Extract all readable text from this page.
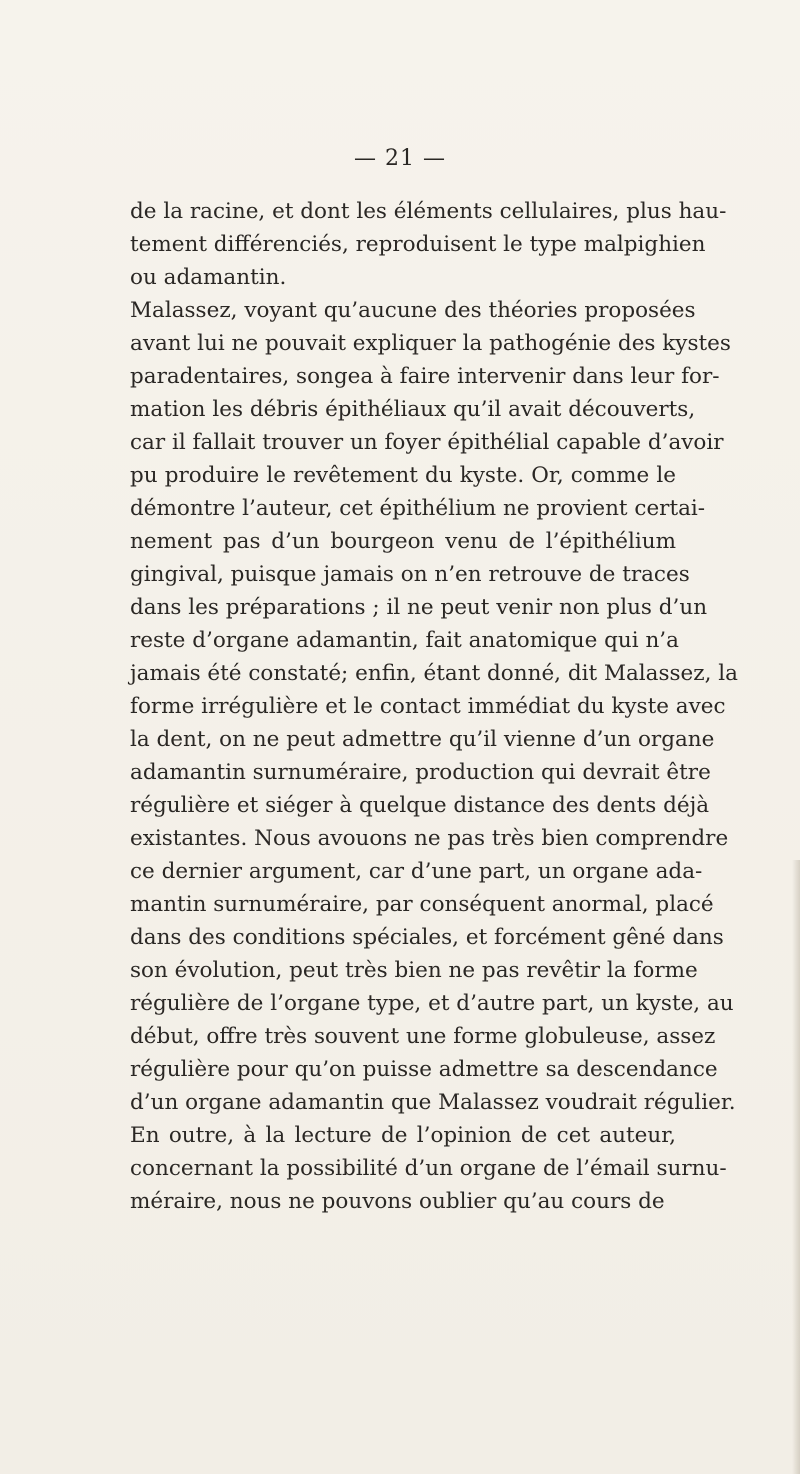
— 21 —
de la racine, et dont les éléments cellulaires, plus hau-
tement différenciés, reproduisent le type malpighien
ou adamantin.
Malassez, voyant qu’aucune des théories proposées
avant lui ne pouvait expliquer la pathogénie des kystes
paradentaires, songea à faire intervenir dans leur for-
mation les débris épithéliaux qu’il avait découverts,
car il fallait trouver un foyer épithélial capable d’avoir
pu produire le revêtement du kyste. Or, comme le
démontre l’auteur, cet épithélium ne provient certai-
nement pas d’un bourgeon venu de l’épithélium
gingival, puisque jamais on n’en retrouve de traces
dans les préparations ; il ne peut venir non plus d’un
reste d’organe adamantin, fait anatomique qui n’a
jamais été constaté; enfin, étant donné, dit Malassez, la
forme irrégulière et le contact immédiat du kyste avec
la dent, on ne peut admettre qu’il vienne d’un organe
adamantin surnuméraire, production qui devrait être
régulière et siéger à quelque distance des dents déjà
existantes. Nous avouons ne pas très bien comprendre
ce dernier argument, car d’une part, un organe ada-
mantin surnuméraire, par conséquent anormal, placé
dans des conditions spéciales, et forcément gêné dans
son évolution, peut très bien ne pas revêtir la forme
régulière de l’organe type, et d’autre part, un kyste, au
début, offre très souvent une forme globuleuse, assez
régulière pour qu’on puisse admettre sa descendance
d’un organe adamantin que Malassez voudrait régulier.
En outre, à la lecture de l’opinion de cet auteur,
concernant la possibilité d’un organe de l’émail surnu-
méraire, nous ne pouvons oublier qu’au cours de
